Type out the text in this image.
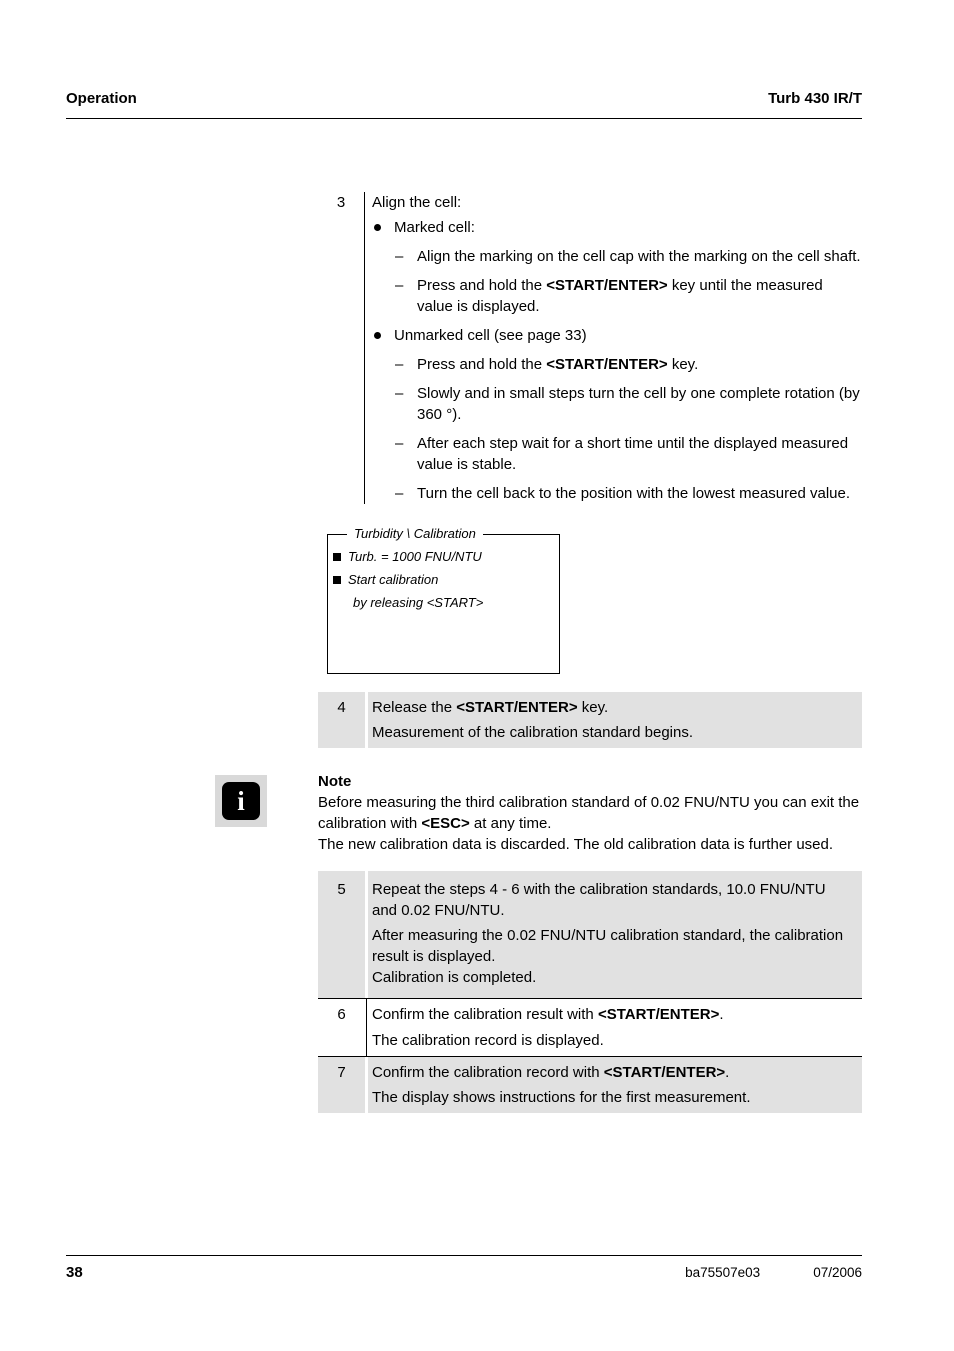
Operation	Turb 430 IR/T
3	Align the cell:

Marked cell:

–

Align the marking on the cell cap with the marking on the cell shaft.

–

Press and hold the <START/ENTER> key until the measured value is displayed.

Unmarked cell (see page 33)

–

Press and hold the <START/ENTER> key.

–

Slowly and in small steps turn the cell by one complete rotation (by 360 °).

–

After each step wait for a short time until the displayed measured value is stable.

–

Turn the cell back to the position with the lowest measured value.

Turbidity \ Calibration
Turb. = 1000 FNU/NTU
Start calibration
by releasing <START>
4	Release the <START/ENTER> key.

Measurement of the calibration standard begins.

i

Note

Before measuring the third calibration standard of 0.02 FNU/NTU you can exit the calibration with <ESC> at any time.

The new calibration data is discarded. The old calibration data is further used.

5	Repeat the steps 4 - 6 with the calibration standards, 10.0 FNU/NTU and 0.02 FNU/NTU.

After measuring the 0.02 FNU/NTU calibration standard, the calibration result is displayed.

Calibration is completed.

6	Confirm the calibration result with <START/ENTER>.

The calibration record is displayed.

7	Confirm the calibration record with <START/ENTER>.

The display shows instructions for the first measurement.

38	ba75507e03	07/2006
